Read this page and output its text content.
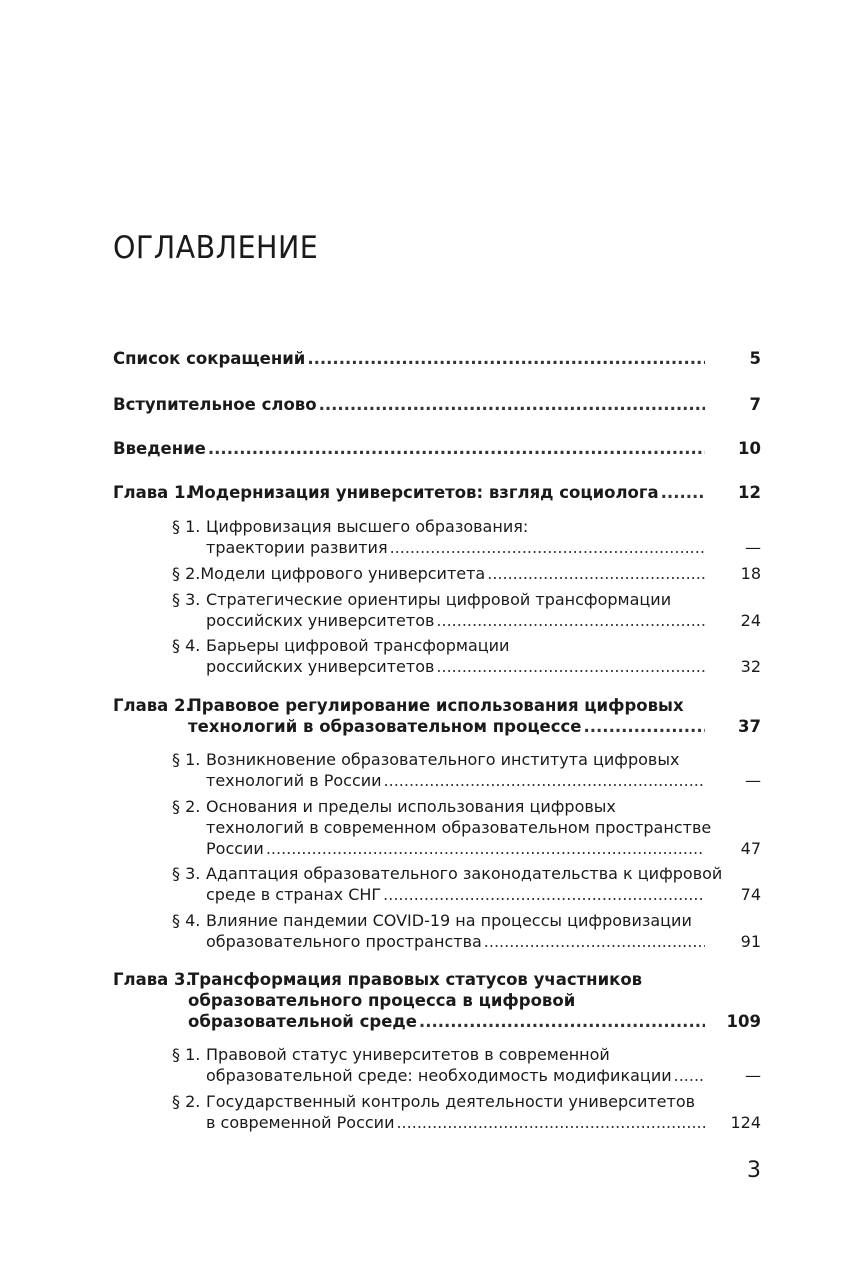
ОГЛАВЛЕНИЕ
Список сокращений .....	5
Вступительное слово .....	7
Введение .....	10
Глава 1.
Модернизация университетов: взгляд социолога .....	12
§ 1. Цифровизация высшего образования:
траектории развития .....	—
§ 2. Модели цифрового университета .....	18
§ 3. Стратегические ориентиры цифровой трансформации
российских университетов .....	24
§ 4. Барьеры цифровой трансформации
российских университетов .....	32
Глава 2.Правовое регулирование использования цифровых
технологий в образовательном процессе .....	37
§ 1. Возникновение образовательного института цифровых
технологий в России .....	—
§ 2. Основания и пределы использования цифровых
технологий в современном образовательном пространстве
России .....	47
§ 3. Адаптация образовательного законодательства к цифровой
среде в странах СНГ .....	74
§ 4. Влияние пандемии COVID-19 на процессы цифровизации
образовательного пространства .....	91
Глава 3.Трансформация правовых статусов участников
образовательного процесса в цифровой
образовательной среде .....	109
§ 1. Правовой статус университетов в современной
образовательной среде: необходимость модификации .....	—
§ 2. Государственный контроль деятельности университетов
в современной России .....	124
3
